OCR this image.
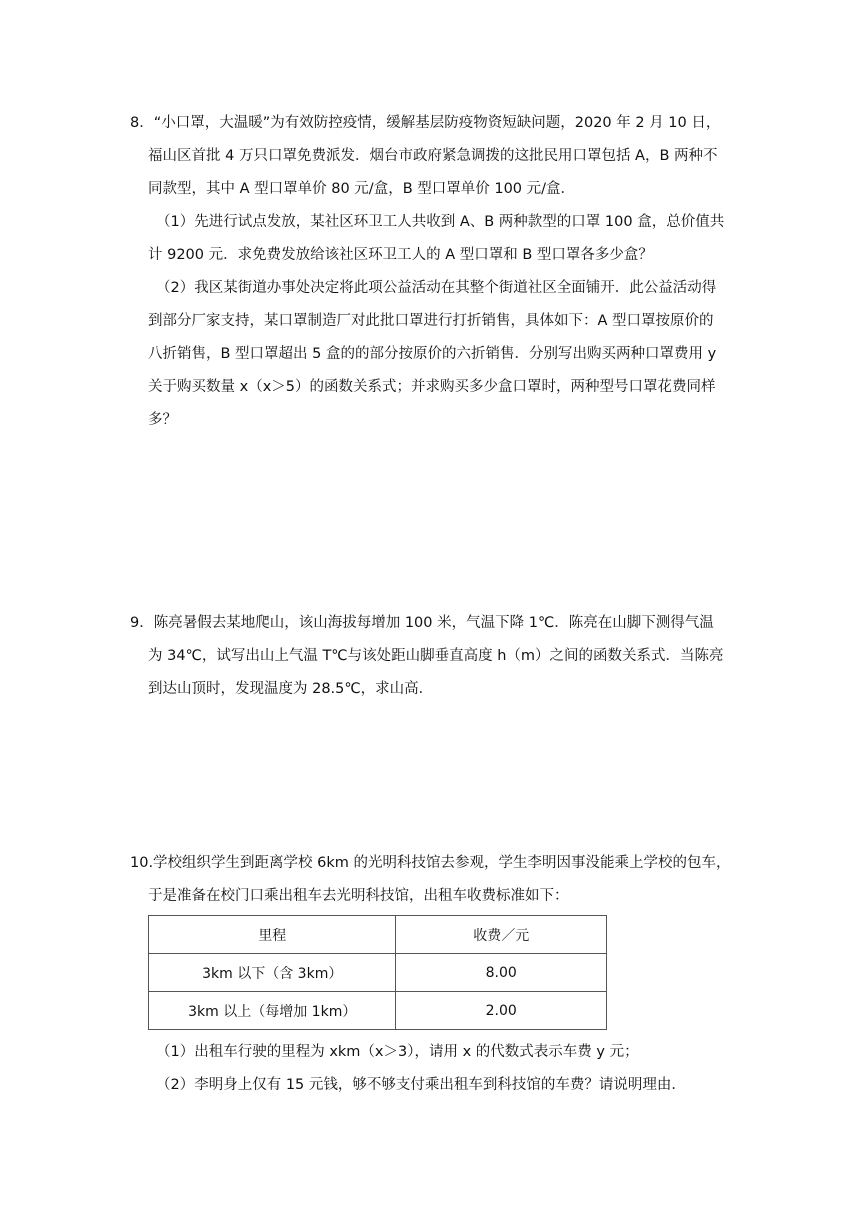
8．“小口罩，大温暖”为有效防控疫情，缓解基层防疫物资短缺问题，2020 年 2 月 10 日，
福山区首批 4 万只口罩免费派发．烟台市政府紧急调拨的这批民用口罩包括 A，B 两种不
同款型，其中 A 型口罩单价 80 元/盒，B 型口罩单价 100 元/盒．
（1）先进行试点发放，某社区环卫工人共收到 A、B 两种款型的口罩 100 盒，总价值共
计 9200 元．求免费发放给该社区环卫工人的 A 型口罩和 B 型口罩各多少盒？
（2）我区某街道办事处决定将此项公益活动在其整个街道社区全面铺开．此公益活动得
到部分厂家支持，某口罩制造厂对此批口罩进行打折销售，具体如下：A 型口罩按原价的
八折销售，B 型口罩超出 5 盒的的部分按原价的六折销售．分别写出购买两种口罩费用 y
关于购买数量 x（x＞5）的函数关系式；并求购买多少盒口罩时，两种型号口罩花费同样
多？
9．陈亮暑假去某地爬山，该山海拔每增加 100 米，气温下降 1℃．陈亮在山脚下测得气温
为 34℃，试写出山上气温 T℃与该处距山脚垂直高度 h（m）之间的函数关系式．当陈亮
到达山顶时，发现温度为 28.5℃，求山高．
10.学校组织学生到距离学校 6km 的光明科技馆去参观，学生李明因事没能乘上学校的包车，
于是准备在校门口乘出租车去光明科技馆，出租车收费标准如下：
里程	收费／元
3km 以下（含 3km）	8.00
3km 以上（每增加 1km）	2.00
（1）出租车行驶的里程为 xkm（x＞3），请用 x 的代数式表示车费 y 元；
（2）李明身上仅有 15 元钱，够不够支付乘出租车到科技馆的车费？请说明理由．
